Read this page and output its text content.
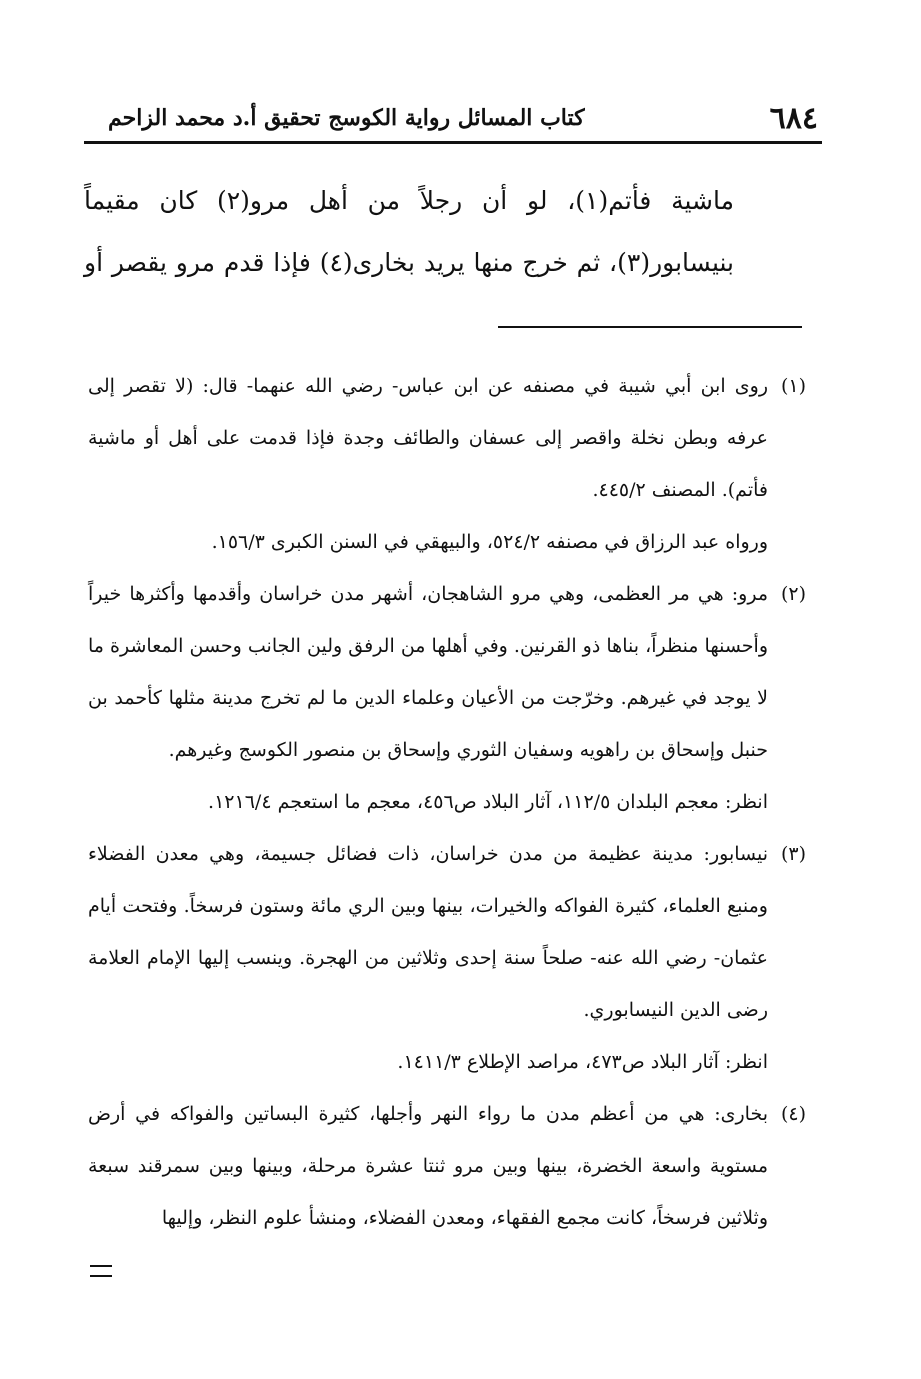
٦٨٤
كتاب المسائل رواية الكوسج تحقيق أ.د محمد الزاحم

ماشية فأتم(١)، لو أن رجلاً من أهل مرو(٢) كان مقيماً بنيسابور(٣)، ثم خرج منها يريد بخارى(٤) فإذا قدم مرو يقصر أو

(١)روى ابن أبي شيبة في مصنفه عن ابن عباس- رضي الله عنهما- قال: (لا تقصر إلى عرفه وبطن نخلة واقصر إلى عسفان والطائف وجدة فإذا قدمت على أهل أو ماشية فأتم). المصنف ٤٤٥/٢.

ورواه عبد الرزاق في مصنفه ٥٢٤/٢، والبيهقي في السنن الكبرى ١٥٦/٣.

(٢)مرو: هي مر العظمى، وهي مرو الشاهجان، أشهر مدن خراسان وأقدمها وأكثرها خيراً وأحسنها منظراً، بناها ذو القرنين. وفي أهلها من الرفق ولين الجانب وحسن المعاشرة ما لا يوجد في غيرهم. وخرّجت من الأعيان وعلماء الدين ما لم تخرج مدينة مثلها كأحمد بن حنبل وإسحاق بن راهويه وسفيان الثوري وإسحاق بن منصور الكوسج وغيرهم.

انظر: معجم البلدان ١١٢/٥، آثار البلاد ص٤٥٦، معجم ما استعجم ١٢١٦/٤.

(٣)نيسابور: مدينة عظيمة من مدن خراسان، ذات فضائل جسيمة، وهي معدن الفضلاء ومنبع العلماء، كثيرة الفواكه والخيرات، بينها وبين الري مائة وستون فرسخاً. وفتحت أيام عثمان- رضي الله عنه- صلحاً سنة إحدى وثلاثين من الهجرة. وينسب إليها الإمام العلامة رضى الدين النيسابوري.

انظر: آثار البلاد ص٤٧٣، مراصد الإطلاع ١٤١١/٣.

(٤)بخارى: هي من أعظم مدن ما رواء النهر وأجلها، كثيرة البساتين والفواكه في أرض مستوية واسعة الخضرة، بينها وبين مرو ثنتا عشرة مرحلة، وبينها وبين سمرقند سبعة وثلاثين فرسخاً، كانت مجمع الفقهاء، ومعدن الفضلاء، ومنشأ علوم النظر، وإليها
